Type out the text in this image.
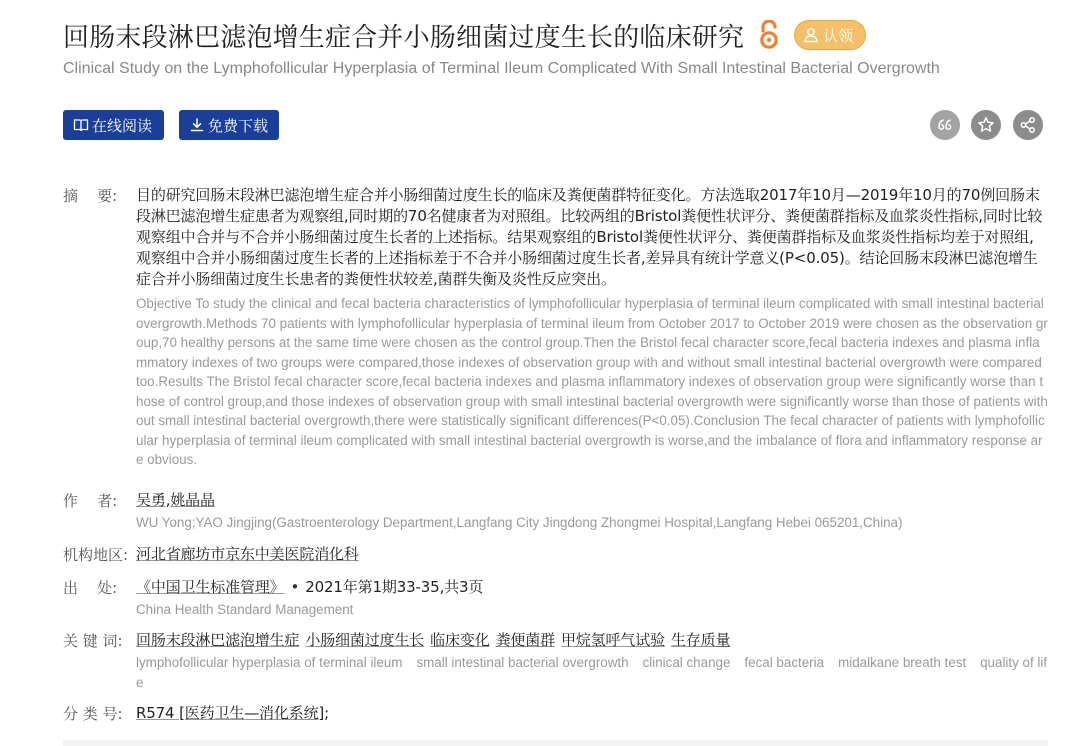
回肠末段淋巴滤泡增生症合并小肠细菌过度生长的临床研究	认领
Clinical Study on the Lymphofollicular Hyperplasia of Terminal Ileum Complicated With Small Intestinal Bacterial Overgrowth
在线阅读	免费下载
摘    要: 目的研究回肠末段淋巴滤泡增生症合并小肠细菌过度生长的临床及粪便菌群特征变化。方法选取2017年10月—2019年10月的70例回肠末段淋巴滤泡增生症患者为观察组,同时期的70名健康者为对照组。比较两组的Bristol粪便性状评分、粪便菌群指标及血浆炎性指标,同时比较观察组中合并与不合并小肠细菌过度生长者的上述指标。结果观察组的Bristol粪便性状评分、粪便菌群指标及血浆炎性指标均差于对照组,观察组中合并小肠细菌过度生长者的上述指标差于不合并小肠细菌过度生长者,差异具有统计学意义(P<0.05)。结论回肠末段淋巴滤泡增生症合并小肠细菌过度生长患者的粪便性状较差,菌群失衡及炎性反应突出。

Objective To study the clinical and fecal bacteria characteristics of lymphofollicular hyperplasia of terminal ileum complicated with small intestinal bacterial overgrowth.Methods 70 patients with lymphofollicular hyperplasia of terminal ileum from October 2017 to October 2019 were chosen as the observation group,70 healthy persons at the same time were chosen as the control group.Then the Bristol fecal character score,fecal bacteria indexes and plasma inflammatory indexes of two groups were compared,those indexes of observation group with and without small intestinal bacterial overgrowth were compared too.Results The Bristol fecal character score,fecal bacteria indexes and plasma inflammatory indexes of observation group were significantly worse than those of control group,and those indexes of observation group with small intestinal bacterial overgrowth were significantly worse than those of patients without small intestinal bacterial overgrowth,there were statistically significant differences(P<0.05).Conclusion The fecal character of patients with lymphofollicular hyperplasia of terminal ileum complicated with small intestinal bacterial overgrowth is worse,and the imbalance of flora and inflammatory response are obvious.

作    者: 吴勇,姚晶晶

WU Yong;YAO Jingjing(Gastroenterology Department,Langfang City Jingdong Zhongmei Hospital,Langfang Hebei 065201,China)

机构地区: 河北省廊坊市京东中美医院消化科

出    处: 《中国卫生标准管理》 • 2021年第1期33-35,共3页

China Health Standard Management

关 键 词: 回肠末段淋巴滤泡增生症 小肠细菌过度生长 临床变化 粪便菌群 甲烷氢呼气试验 生存质量

lymphofollicular hyperplasia of terminal ileum small intestinal bacterial overgrowth clinical change fecal bacteria midalkane breath test quality of life

分 类 号: R574 [医药卫生—消化系统];
